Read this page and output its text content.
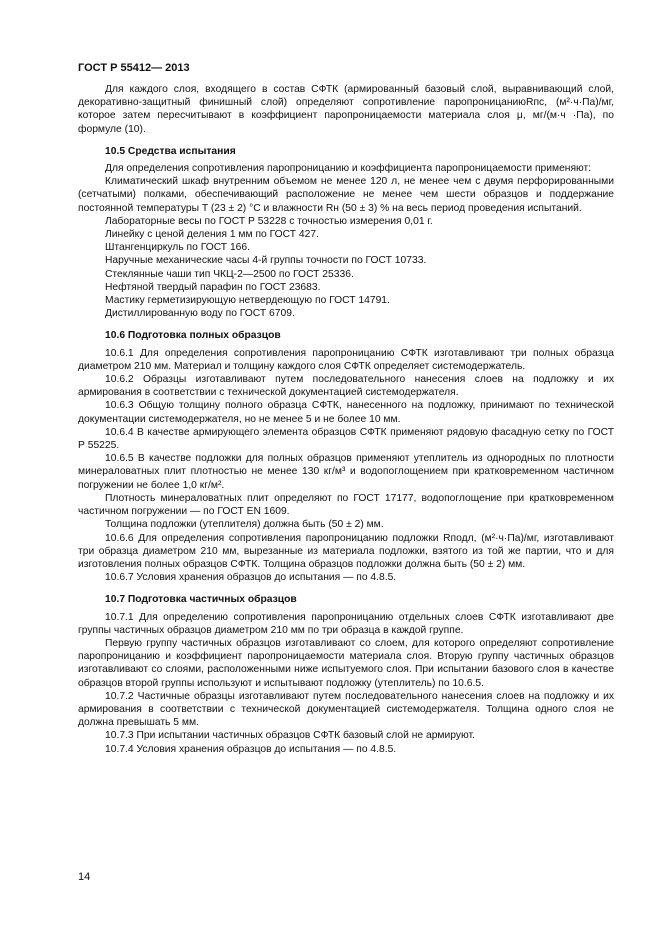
ГОСТ Р 55412— 2013

Для каждого слоя, входящего в состав СФТК (армированный базовый слой, выравнивающий слой, декоративно-защитный финишный слой) определяют сопротивление паропроницаниюRпс, (м²·ч·Па)/мг, которое затем пересчитывают в коэффициент паропроницаемости материала слоя μ, мг/(м·ч ·Па), по формуле (10).

10.5 Средства испытания

Для определения сопротивления паропроницанию и коэффициента паропроницаемости применяют:

Климатический шкаф внутренним объемом не менее 120 л, не менее чем с двумя перфорированными (сетчатыми) полками, обеспечивающий расположение не менее чем шести образцов и поддержание постоянной температуры T (23 ± 2) °C и влажности Rн (50 ± 3) % на весь период проведения испытаний.

Лабораторные весы по ГОСТ Р 53228 с точностью измерения 0,01 г.

Линейку с ценой деления 1 мм по ГОСТ 427.

Штангенциркуль по ГОСТ 166.

Наручные механические часы 4-й группы точности по ГОСТ 10733.

Стеклянные чаши тип ЧКЦ-2—2500 по ГОСТ 25336.

Нефтяной твердый парафин по ГОСТ 23683.

Мастику герметизирующую нетвердеющую по ГОСТ 14791.

Дистиллированную воду по ГОСТ 6709.

10.6 Подготовка полных образцов

10.6.1 Для определения сопротивления паропроницанию СФТК изготавливают три полных образца диаметром 210 мм. Материал и толщину каждого слоя СФТК определяет системодержатель.

10.6.2 Образцы изготавливают путем последовательного нанесения слоев на подложку и их армирования в соответствии с технической документацией системодержателя.

10.6.3 Общую толщину полного образца СФТК, нанесенного на подложку, принимают по технической документации системодержателя, но не менее 5 и не более 10 мм.

10.6.4 В качестве армирующего элемента образцов СФТК применяют рядовую фасадную сетку по ГОСТ Р 55225.

10.6.5 В качестве подложки для полных образцов применяют утеплитель из однородных по плотности минераловатных плит плотностью не менее 130 кг/м³ и водопоглощением при кратковременном частичном погружении не более 1,0 кг/м².

Плотность минераловатных плит определяют по ГОСТ 17177, водопоглощение при кратковременном частичном погружении — по ГОСТ EN 1609.

Толщина подложки (утеплителя) должна быть (50 ± 2) мм.

10.6.6 Для определения сопротивления паропроницанию подложки Rподл, (м²·ч·Па)/мг, изготавливают три образца диаметром 210 мм, вырезанные из материала подложки, взятого из той же партии, что и для изготовления полных образцов СФТК. Толщина образцов подложки должна быть (50 ± 2) мм.

10.6.7 Условия хранения образцов до испытания — по 4.8.5.

10.7 Подготовка частичных образцов

10.7.1 Для определению сопротивления паропроницанию отдельных слоев СФТК изготавливают две группы частичных образцов диаметром 210 мм по три образца в каждой группе.

Первую группу частичных образцов изготавливают со слоем, для которого определяют сопротивление паропроницанию и коэффициент паропроницаемости материала слоя. Вторую группу частичных образцов изготавливают со слоями, расположенными ниже испытуемого слоя. При испытании базового слоя в качестве образцов второй группы используют и испытывают подложку (утеплитель) по 10.6.5.

10.7.2 Частичные образцы изготавливают путем последовательного нанесения слоев на подложку и их армирования в соответствии с технической документацией системодержателя. Толщина одного слоя не должна превышать 5 мм.

10.7.3 При испытании частичных образцов СФТК базовый слой не армируют.

10.7.4 Условия хранения образцов до испытания — по 4.8.5.

14
